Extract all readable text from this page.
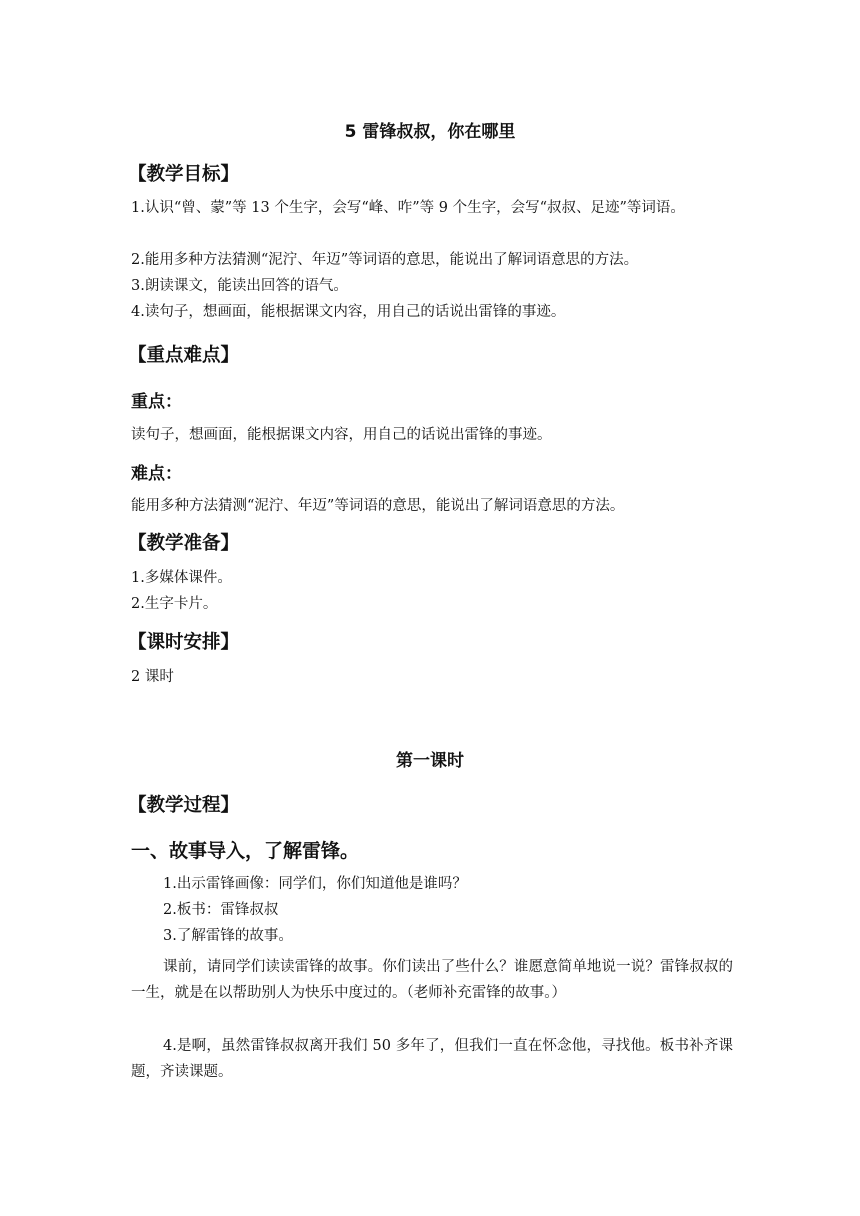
5 雷锋叔叔，你在哪里
【教学目标】
1.认识“曾、蒙”等 13 个生字，会写“峰、咋”等 9 个生字，会写“叔叔、足迹”等词语。
2.能用多种方法猜测“泥泞、年迈”等词语的意思，能说出了解词语意思的方法。
3.朗读课文，能读出回答的语气。
4.读句子，想画面，能根据课文内容，用自己的话说出雷锋的事迹。
【重点难点】
重点：
读句子，想画面，能根据课文内容，用自己的话说出雷锋的事迹。
难点：
能用多种方法猜测“泥泞、年迈”等词语的意思，能说出了解词语意思的方法。
【教学准备】
1.多媒体课件。
2.生字卡片。
【课时安排】
2 课时
第一课时
【教学过程】
一、故事导入，了解雷锋。
1.出示雷锋画像：同学们，你们知道他是谁吗？
2.板书：雷锋叔叔
3.了解雷锋的故事。
课前，请同学们读读雷锋的故事。你们读出了些什么？谁愿意简单地说一说？雷锋叔叔的一生，就是在以帮助别人为快乐中度过的。（老师补充雷锋的故事。）
4.是啊，虽然雷锋叔叔离开我们 50 多年了，但我们一直在怀念他，寻找他。板书补齐课题，齐读课题。
